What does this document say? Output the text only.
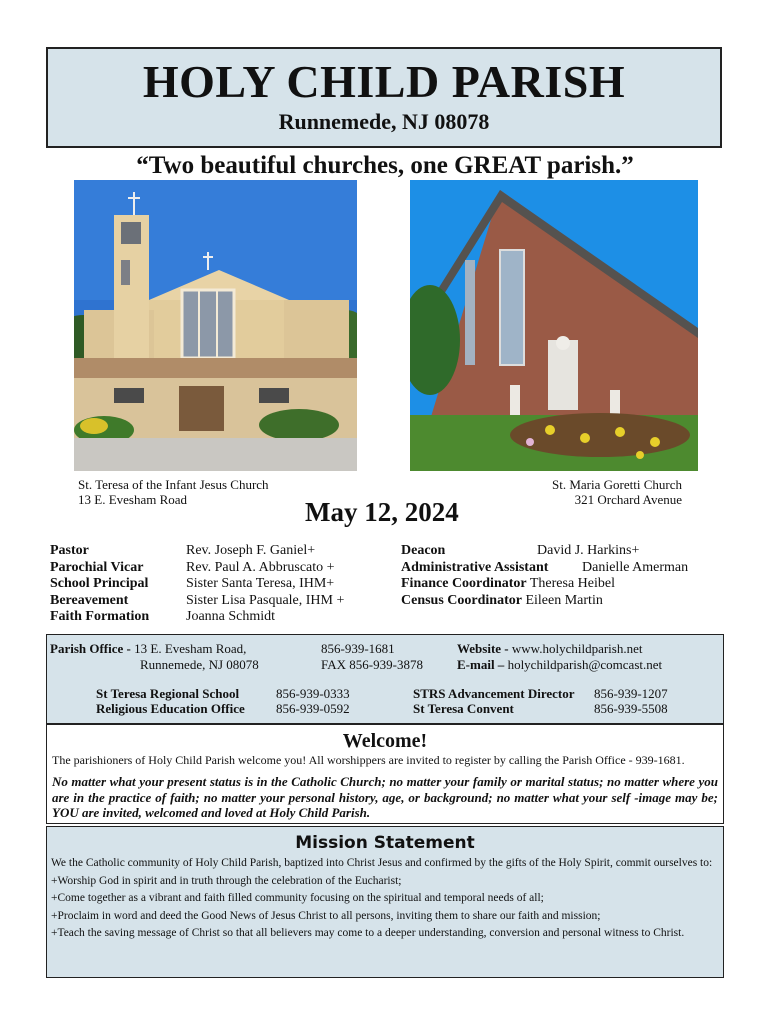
HOLY CHILD PARISH
Runnemede, NJ 08078
“Two beautiful churches, one GREAT parish.”
St. Teresa of the Infant Jesus Church
13 E. Evesham Road
St. Maria Goretti Church
321 Orchard Avenue
May 12, 2024
Pastor	Rev. Joseph F. Ganiel+
Parochial Vicar	Rev. Paul A. Abbruscato +
School Principal	Sister Santa Teresa, IHM+
Bereavement	Sister Lisa Pasquale, IHM +
Faith Formation	Joanna Schmidt
Deacon	David J. Harkins+
Administrative Assistant Danielle Amerman
Finance Coordinator Theresa Heibel
Census Coordinator Eileen Martin
Parish Office - 13 E. Evesham Road,
Runnemede, NJ 08078
856-939-1681
FAX 856-939-3878
Website - www.holychildparish.net
E-mail – holychildparish@comcast.net
St Teresa Regional School	856-939-0333
Religious Education Office 856-939-0592
STRS Advancement Director 856-939-1207
St Teresa Convent	856-939-5508
Welcome!
The parishioners of Holy Child Parish welcome you! All worshippers are invited to register by calling the Parish Office - 939-1681.
No matter what your present status is in the Catholic Church; no matter your family or marital status; no matter where you are in the practice of faith; no matter your personal history, age, or background; no matter what your self -image may be; YOU are invited, welcomed and loved at Holy Child Parish.
Mission Statement
We the Catholic community of Holy Child Parish, baptized into Christ Jesus and confirmed by the gifts of the Holy Spirit, commit ourselves to:
+Worship God in spirit and in truth through the celebration of the Eucharist;
+Come together as a vibrant and faith filled community focusing on the spiritual and temporal needs of all;
+Proclaim in word and deed the Good News of Jesus Christ to all persons, inviting them to share our faith and mission;
+Teach the saving message of Christ so that all believers may come to a deeper understanding, conversion and personal witness to Christ.
